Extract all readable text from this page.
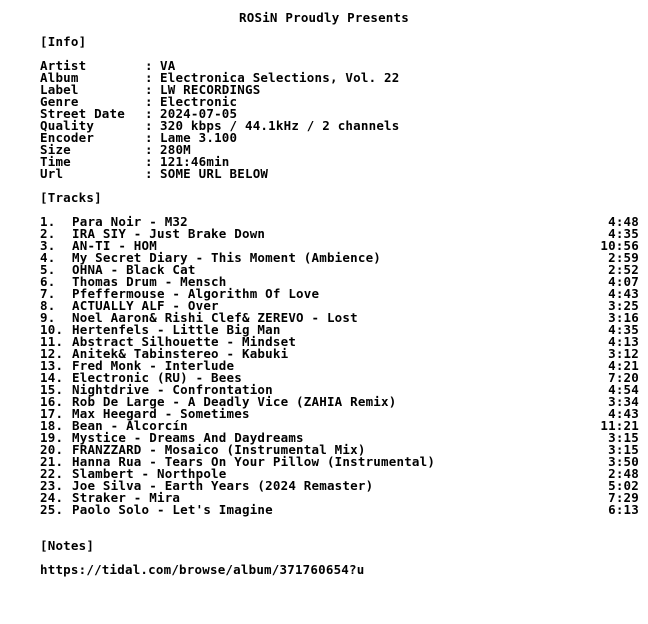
ROSiN Proudly Presents
[Info]
Artist	: VA
Album	: Electronica Selections, Vol. 22
Label	: LW RECORDINGS
Genre	: Electronic
Street Date : 2024-07-05
Quality	: 320 kbps / 44.1kHz / 2 channels
Encoder	: Lame 3.100
Size	: 280M
Time	: 121:46min
Url	: SOME URL BELOW
[Tracks]
1. Para Noir - M32	4:48
2. IRA SIY - Just Brake Down	4:35
3. AN-TI - HOM	10:56
4. My Secret Diary - This Moment (Ambience)	2:59
5. OHNA - Black Cat	2:52
6. Thomas Drum - Mensch	4:07
7. Pfeffermouse - Algorithm Of Love	4:43
8. ACTUALLY ALF - Over	3:25
9. Noel Aaron& Rishi Clef& ZEREVO - Lost	3:16
10. Hertenfels - Little Big Man	4:35
11. Abstract Silhouette - Mindset	4:13
12. Anitek& Tabinstereo - Kabuki	3:12
13. Fred Monk - Interlude	4:21
14. Electronic (RU) - Bees	7:20
15. Nightdrive - Confrontation	4:54
16. Rob De Large - A Deadly Vice (ZAHIA Remix)	3:34
17. Max Heegard - Sometimes	4:43
18. Bean - Alcorcín	11:21
19. Mystice - Dreams And Daydreams	3:15
20. FRANZZARD - Mosaico (Instrumental Mix)	3:15
21. Hanna Rua - Tears On Your Pillow (Instrumental)	3:50
22. Slambert - Northpole	2:48
23. Joe Silva - Earth Years (2024 Remaster)	5:02
24. Straker - Mira	7:29
25. Paolo Solo - Let's Imagine	6:13
[Notes]
https://tidal.com/browse/album/371760654?u
